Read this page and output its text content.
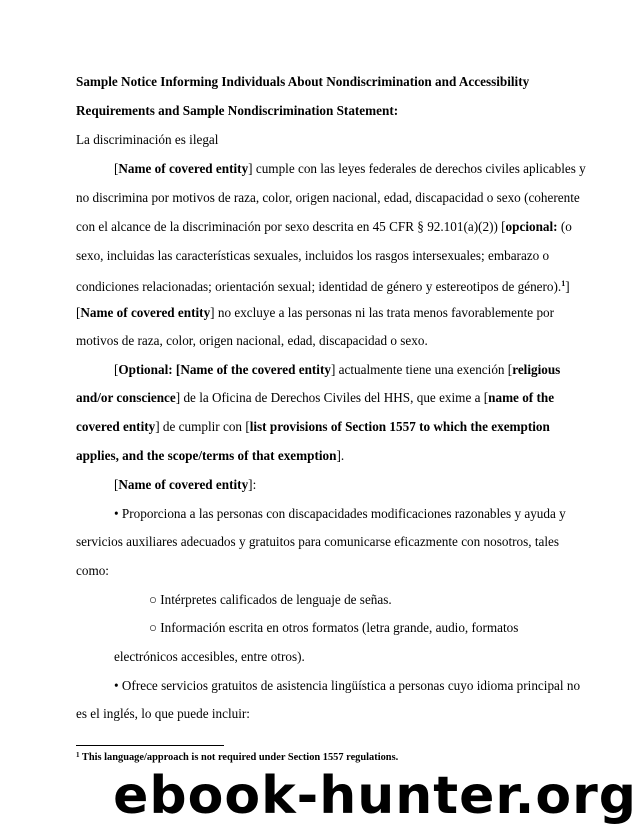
Sample Notice Informing Individuals About Nondiscrimination and Accessibility
Requirements and Sample Nondiscrimination Statement:
La discriminación es ilegal
[Name of covered entity] cumple con las leyes federales de derechos civiles aplicables y
no discrimina por motivos de raza, color, origen nacional, edad, discapacidad o sexo (coherente
con el alcance de la discriminación por sexo descrita en 45 CFR § 92.101(a)(2)) [opcional: (o
sexo, incluidas las características sexuales, incluidos los rasgos intersexuales; embarazo o
condiciones relacionadas; orientación sexual; identidad de género y estereotipos de género).$^1$]
[Name of covered entity] no excluye a las personas ni las trata menos favorablemente por
motivos de raza, color, origen nacional, edad, discapacidad o sexo.
[Optional: [Name of the covered entity] actualmente tiene una exención [religious
and/or conscience] de la Oficina de Derechos Civiles del HHS, que exime a [name of the
covered entity] de cumplir con [list provisions of Section 1557 to which the exemption
applies, and the scope/terms of that exemption].
[Name of covered entity]:
• Proporciona a las personas con discapacidades modificaciones razonables y ayuda y
servicios auxiliares adecuados y gratuitos para comunicarse eficazmente con nosotros, tales
como:
○ Intérpretes calificados de lenguaje de señas.
○ Información escrita en otros formatos (letra grande, audio, formatos
electrónicos accesibles, entre otros).
• Ofrece servicios gratuitos de asistencia lingüística a personas cuyo idioma principal no
es el inglés, lo que puede incluir:
$^1$ This language/approach is not required under Section 1557 regulations.
ebook-hunter.org
